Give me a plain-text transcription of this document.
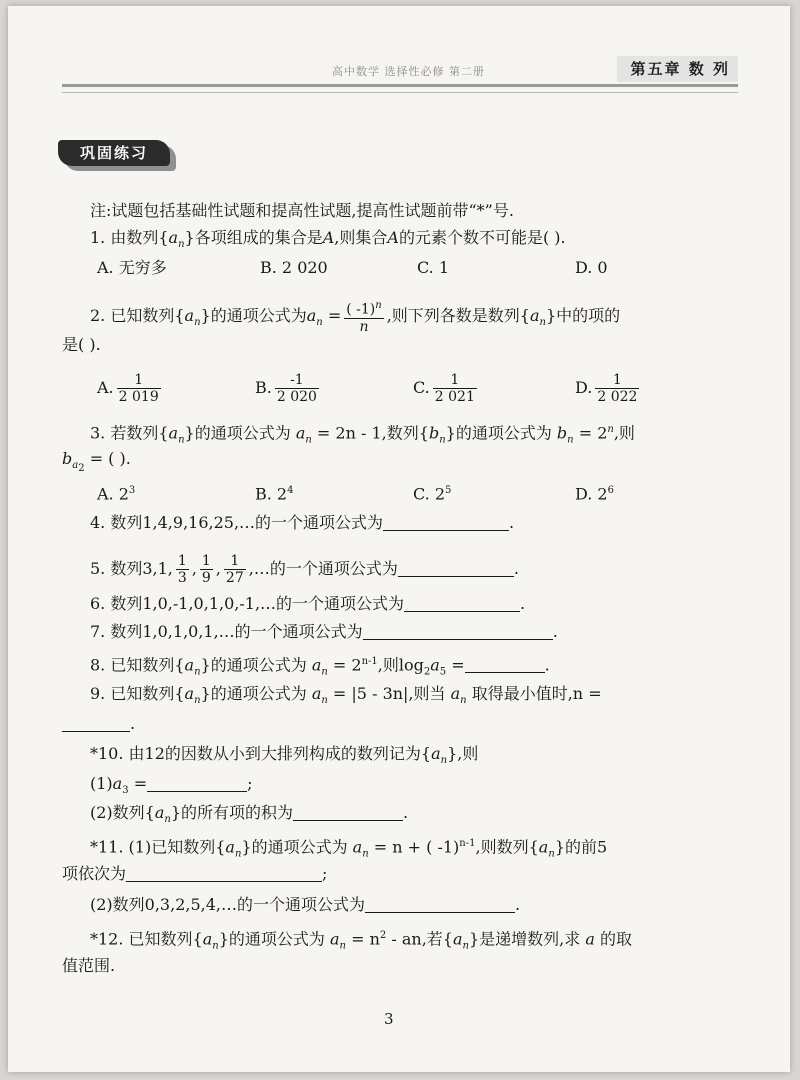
高中数学 选择性必修 第二册	第五章 数 列
巩固练习
注:试题包括基础性试题和提高性试题,提高性试题前带“*”号.
1. 由数列$\{a_n\}$各项组成的集合是A,则集合A的元素个数不可能是( ).
A. 无穷多	B. 2 020	C. 1	D. 0
2. 已知数列$\{a_n\}$的通项公式为$a_n = \frac{( -1)^n}{n}$ ,则下列各数是数列$\{a_n\}$中的项的
是( ).
A. $\frac{1}{2 019}$	B. $\frac{-1}{2 020}$	C. $\frac{1}{2 021}$	D. $\frac{1}{2 022}$
3. 若数列$\{a_n\}$的通项公式为 $a_n = 2n - 1$,数列$\{b_n\}$的通项公式为 $b_n = 2^n$,则
$b_{a_2}$ = ( ).
A. $2^3$	B. $2^4$	C. $2^5$	D. $2^6$
4. 数列1,4,9,16,25,…的一个通项公式为	.
5. 数列3,1, $\frac{1}{3}$ , $\frac{1}{9}$ , $\frac{1}{27}$ ,…的一个通项公式为	.
6. 数列1,0,-1,0,1,0,-1,…的一个通项公式为	.
7. 数列1,0,1,0,1,…的一个通项公式为	.
8. 已知数列$\{a_n\}$的通项公式为 $a_n = 2^{n-1}$,则$\log_2a_5$ =	.
9. 已知数列$\{a_n\}$的通项公式为 $a_n = |5 - 3n|$,则当 $a_n$ 取得最小值时,n =
.
*10. 由12的因数从小到大排列构成的数列记为$\{a_n\}$,则
$(1)a_3$ =	;
(2)数列$\{a_n\}$的所有项的积为	.
*11. (1)已知数列$\{a_n\}$的通项公式为 $a_n = n$ + ( -1)$^{n-1}$,则数列$\{a_n\}$的前5
项依次为	;
(2)数列0,3,2,5,4,…的一个通项公式为	.
*12. 已知数列$\{a_n\}$的通项公式为 $a_n = n^2$ - an,若$\{a_n\}$是递增数列,求 a 的取
值范围.
3
